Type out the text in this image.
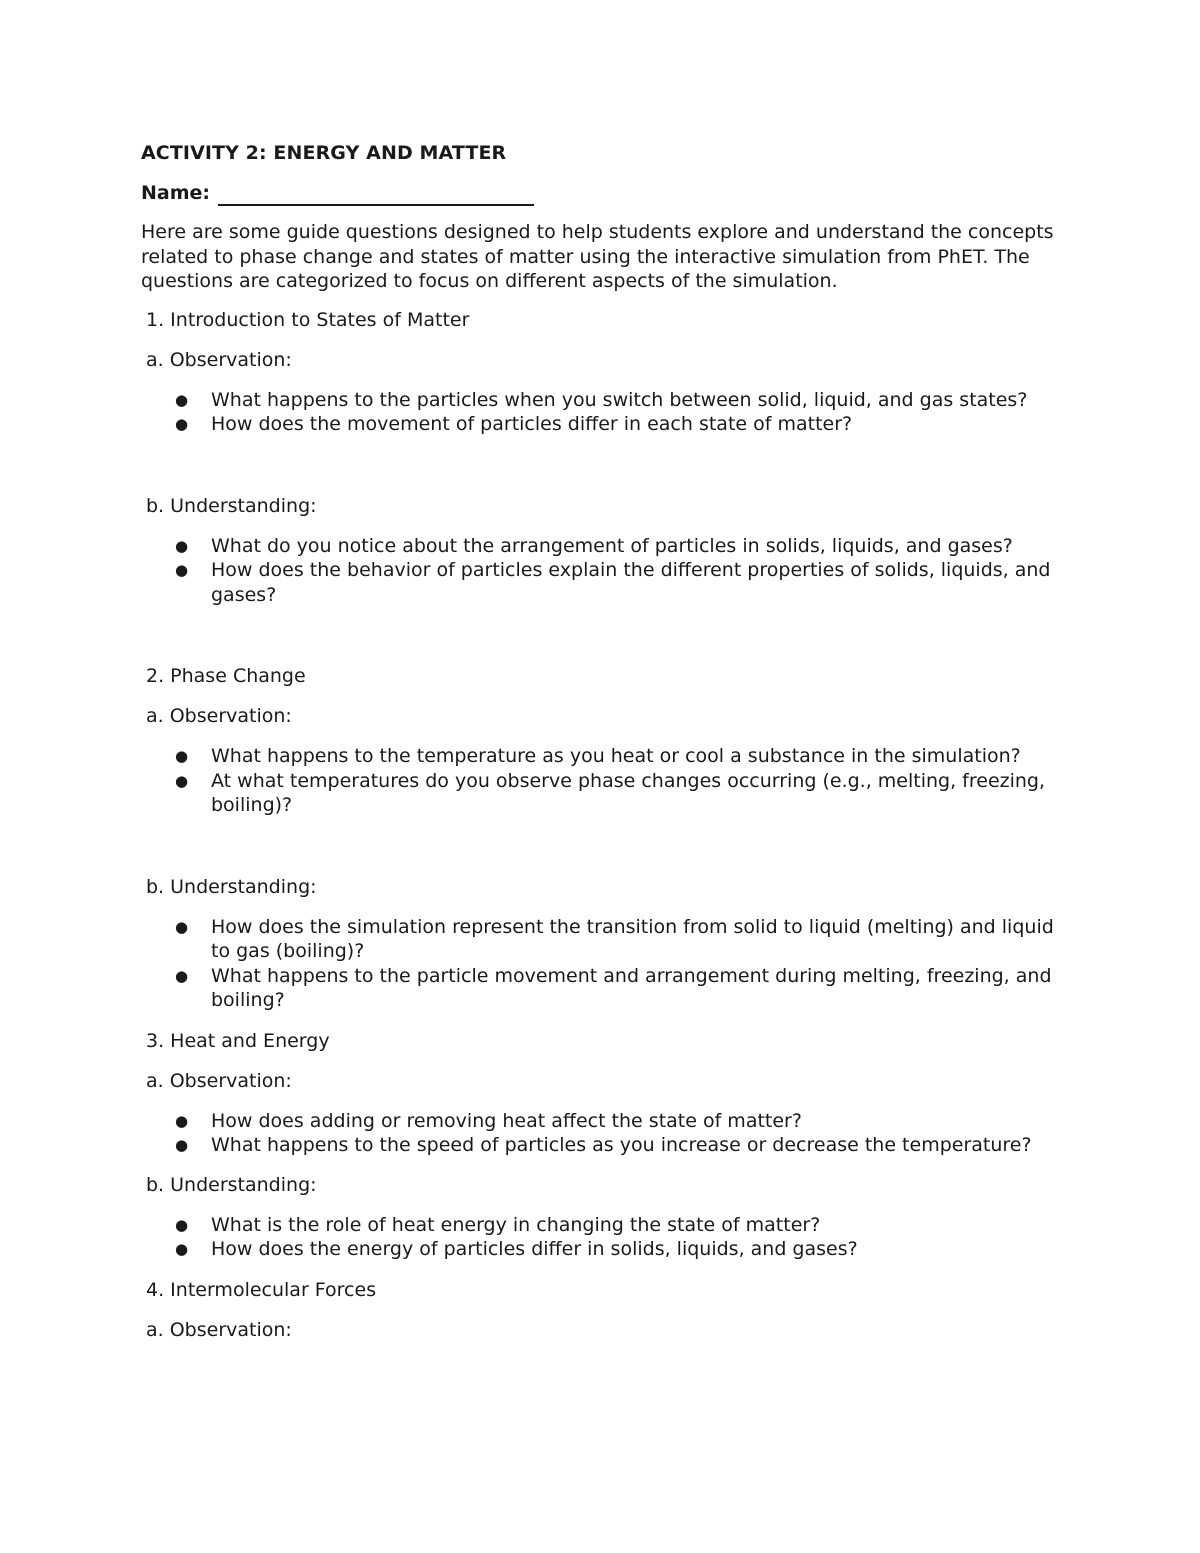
ACTIVITY 2: ENERGY AND MATTER
Name:
Here are some guide questions designed to help students explore and understand the concepts related to phase change and states of matter using the interactive simulation from PhET. The questions are categorized to focus on different aspects of the simulation.
1. Introduction to States of Matter
a. Observation:
● What happens to the particles when you switch between solid, liquid, and gas states?
● How does the movement of particles differ in each state of matter?
b. Understanding:
● What do you notice about the arrangement of particles in solids, liquids, and gases?
● How does the behavior of particles explain the different properties of solids, liquids, and gases?
2. Phase Change
a. Observation:
● What happens to the temperature as you heat or cool a substance in the simulation?
● At what temperatures do you observe phase changes occurring (e.g., melting, freezing, boiling)?
b. Understanding:
● How does the simulation represent the transition from solid to liquid (melting) and liquid to gas (boiling)?
● What happens to the particle movement and arrangement during melting, freezing, and boiling?
3. Heat and Energy
a. Observation:
● How does adding or removing heat affect the state of matter?
● What happens to the speed of particles as you increase or decrease the temperature?
b. Understanding:
● What is the role of heat energy in changing the state of matter?
● How does the energy of particles differ in solids, liquids, and gases?
4. Intermolecular Forces
a. Observation:
